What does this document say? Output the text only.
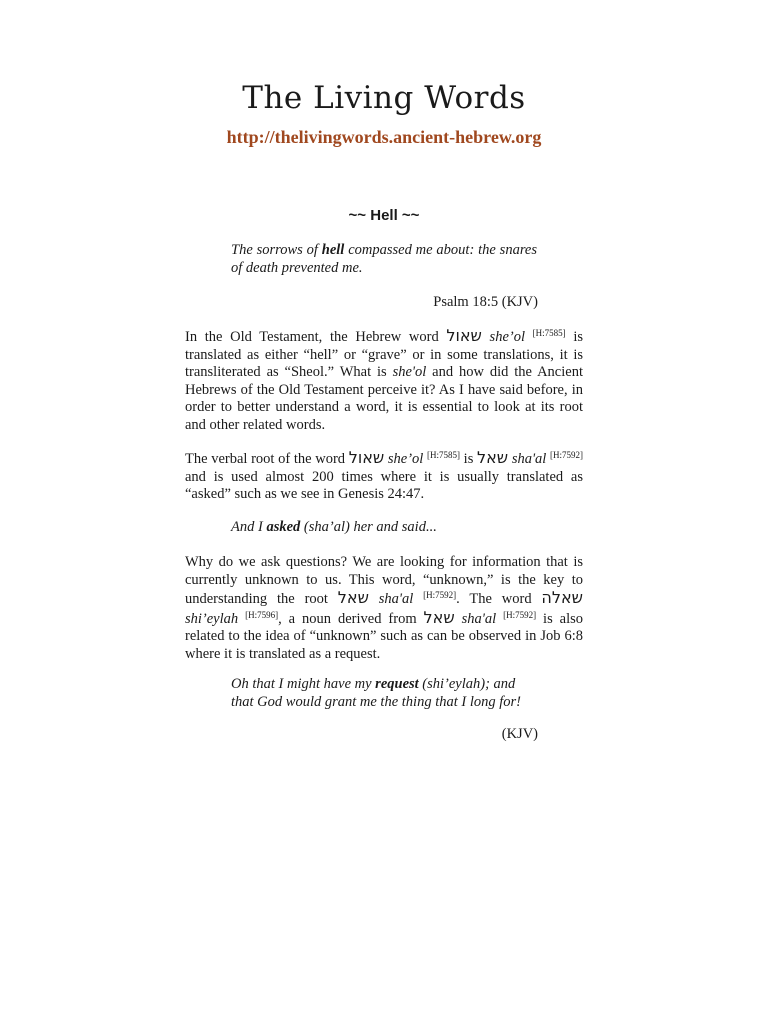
The Living Words
http://thelivingwords.ancient-hebrew.org
~~ Hell ~~
The sorrows of hell compassed me about: the snares of death prevented me.
Psalm 18:5 (KJV)
In the Old Testament, the Hebrew word שאול she’ol [H:7585] is translated as either “hell” or “grave” or in some translations, it is transliterated as “Sheol.” What is she'ol and how did the Ancient Hebrews of the Old Testament perceive it? As I have said before, in order to better understand a word, it is essential to look at its root and other related words.
The verbal root of the word שאול she’ol [H:7585] is שאל sha'al [H:7592] and is used almost 200 times where it is usually translated as “asked” such as we see in Genesis 24:47.
And I asked (sha’al) her and said...
Why do we ask questions? We are looking for information that is currently unknown to us. This word, “unknown,” is the key to understanding the root שאל sha'al [H:7592]. The word שאלה shi’eylah [H:7596], a noun derived from שאל sha'al [H:7592] is also related to the idea of “unknown” such as can be observed in Job 6:8 where it is translated as a request.
Oh that I might have my request (shi’eylah); and that God would grant me the thing that I long for!
(KJV)
